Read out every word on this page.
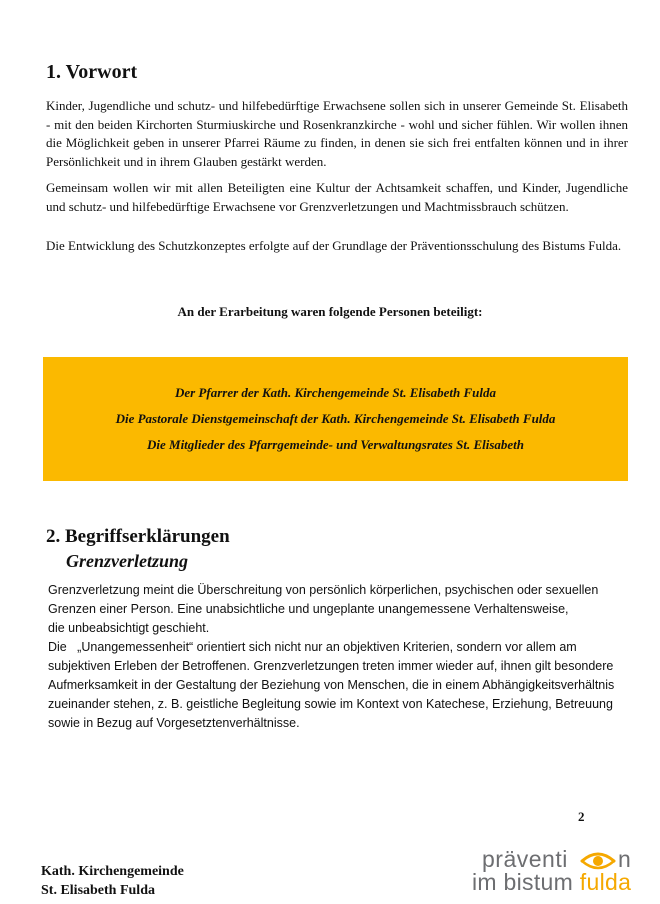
1. Vorwort

Kinder, Jugendliche und schutz- und hilfebedürftige Erwachsene sollen sich in unserer Gemeinde St. Elisabeth - mit den beiden Kirchorten Sturmiuskirche und Rosenkranzkirche - wohl und sicher fühlen. Wir wollen ihnen die Möglichkeit geben in unserer Pfarrei Räume zu finden, in denen sie sich frei entfalten können und in ihrer Persönlichkeit und in ihrem Glauben gestärkt werden.

Gemeinsam wollen wir mit allen Beteiligten eine Kultur der Achtsamkeit schaffen, und Kinder, Jugendliche und schutz- und hilfebedürftige Erwachsene vor Grenzverletzungen und Machtmissbrauch schützen.

Die Entwicklung des Schutzkonzeptes erfolgte auf der Grundlage der Präventionsschulung des Bistums Fulda.

An der Erarbeitung waren folgende Personen beteiligt:

Der Pfarrer der Kath. Kirchengemeinde St. Elisabeth Fulda
Die Pastorale Dienstgemeinschaft der Kath. Kirchengemeinde St. Elisabeth Fulda
Die Mitglieder des Pfarrgemeinde- und Verwaltungsrates St. Elisabeth
2. Begriffserklärungen
Grenzverletzung

Grenzverletzung meint die Überschreitung von persönlich körperlichen, psychischen oder sexuellen
Grenzen einer Person. Eine unabsichtliche und ungeplante unangemessene Verhaltensweise,
die unbeabsichtigt geschieht.
Die   „Unangemessenheit“ orientiert sich nicht nur an objektiven Kriterien, sondern vor allem am
subjektiven Erleben der Betroffenen. Grenzverletzungen treten immer wieder auf, ihnen gilt besondere
Aufmerksamkeit in der Gestaltung der Beziehung von Menschen, die in einem Abhängigkeitsverhältnis
zueinander stehen, z. B. geistliche Begleitung sowie im Kontext von Katechese, Erziehung, Betreuung
sowie in Bezug auf Vorgesetztenverhältnisse.

2
Kath. Kirchengemeinde
St. Elisabeth Fulda
präventi n
im bistum fulda
